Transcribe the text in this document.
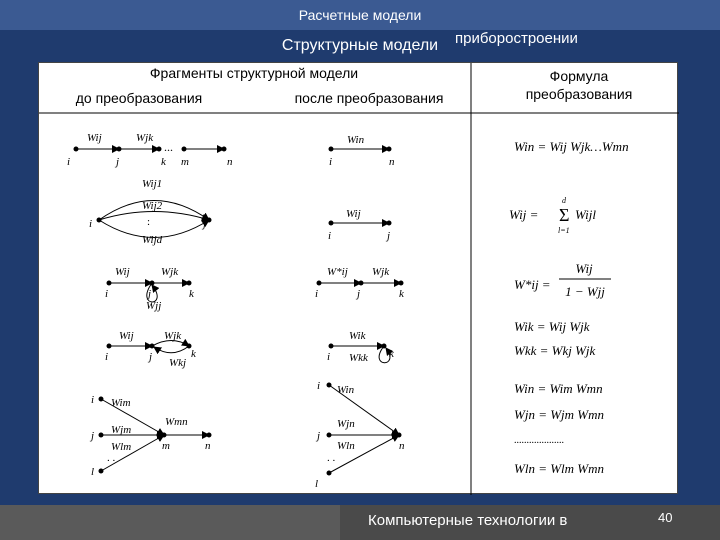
Расчетные модели
Структурные модели
Фрагменты структурной модели
до преобразования	после преобразования
Формула
преобразования
Wij	Wjk
...
i	j	k m	n
Win
i	n
Win = Wij Wjk…Wmn
Wij1
Wij2
:
Wijd
i	j
Wij
i	j
Wij = Σ
d
l=1
Wijl
Wij	Wjk
Wjj
i	j	k
W*ij Wjk
i	j	k
W*ij =
Wij
1 − Wjj
Wij	Wjk
Wkj
i	j	k
Wik
Wkk
i	k
Wik = Wij Wjk
Wkk = Wkj Wjk
Wim
Wjm
Wlm
Wmn
. .
i
j
l
m	n
Win
Wjn
Wln
. .
i
j
l
n
Win = Wim Wmn
Wjn = Wjm Wmn
....................
Wln = Wlm Wmn
Компьютерные технологии в
приборостроении
40
